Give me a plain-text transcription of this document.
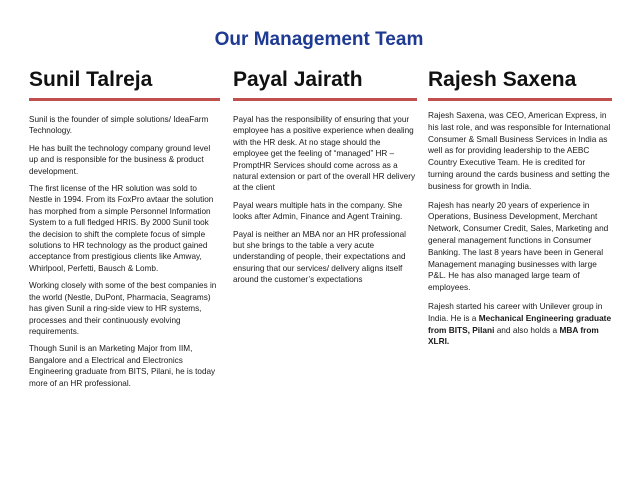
Our Management Team
Sunil Talreja

Sunil is the founder of simple solutions/ IdeaFarm Technology.

He has built the technology company ground level up and is responsible for the business & product development.

The first license of the HR solution was sold to Nestle in 1994. From its FoxPro avtaar the solution has morphed from a simple Personnel Information System to a full fledged HRIS. By 2000 Sunil took the decision to shift the complete focus of simple solutions to HR technology as the product gained acceptance from prestigious clients like Amway, Whirlpool, Perfetti, Bausch & Lomb.

Working closely with some of the best companies in the world (Nestle, DuPont, Pharmacia, Seagrams) has given Sunil a ring-side view to HR systems, processes and their continuously evolving requirements.

Though Sunil is an Marketing Major from IIM, Bangalore and a Electrical and Electronics Engineering graduate from BITS, Pilani, he is today more of an HR professional.

Payal Jairath

Payal has the responsibility of ensuring that your employee has a positive experience when dealing with the HR desk. At no stage should the employee get the feeling of “managed” HR – PromptHR Services should come across as a natural extension or part of the overall HR delivery at the client

Payal wears multiple hats in the company. She looks after Admin, Finance and Agent Training.

Payal is neither an MBA nor an HR professional but she brings to the table a very acute understanding of people, their expectations and ensuring that our services/ delivery aligns itself around the customer’s expectations

Rajesh Saxena

Rajesh Saxena, was CEO, American Express, in his last role, and was responsible for International Consumer & Small Business Services in India as well as for providing leadership to the AEBC Country Executive Team. He is credited for turning around the cards business and setting the business for growth in India.

Rajesh has nearly 20 years of experience in Operations, Business Development, Merchant Network, Consumer Credit, Sales, Marketing and general management functions in Consumer Banking. The last 8 years have been in General Management managing businesses with large P&L. He has also managed large team of employees.

Rajesh started his career with Unilever group in India. He is a Mechanical Engineering graduate from BITS, Pilani and also holds a MBA from XLRI.
